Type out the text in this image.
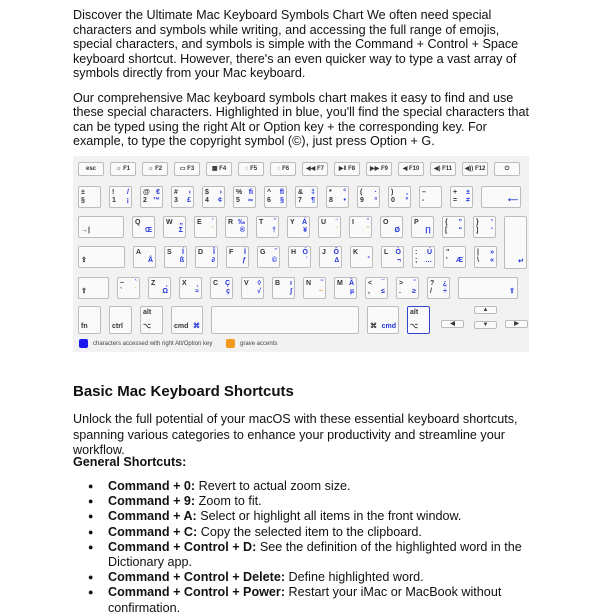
Discover the Ultimate Mac Keyboard Symbols Chart We often need special characters and symbols while writing, and accessing the full range of emojis, special characters, and symbols is simple with the Command + Control + Space keyboard shortcut. However, there's an even quicker way to type a vast array of symbols directly from your Mac keyboard.

Our comprehensive Mac keyboard symbols chart makes it easy to find and use these special characters. Highlighted in blue, you'll find the special characters that can be typed using the right Alt or Option key + the corresponding key. For example, to type the copyright symbol (©), just press Option + G.

esc	☼ F1	☼ F2	▭ F3	▦ F4	◌ F5	◌ F6	◀◀ F7	▶‖ F8	▶▶ F9	◀ F10	◀) F11	◀)) F12	⏻
±
§
!
1
/
¡
@
2
€
™
#
3
‹
£
$
4
›
¢
%
5
ﬁ
∞
^
6
ﬂ
§
&
7
‡
¶
*
8
°
•
(
9
·
ª
)
0
‚
º
–
-
+
=
±
≠	⟵
→|
Q
Œ
W „
Σ
E ´
´
R ‰
®
T ˇ
†
Y Á
¥
U ¨
¨
I ˆ
ˆ
O
Ø
P
∏
{
[
”
“
}
]
’
‘
↵
⇪
A
Å
S Í
ß
D Î
∂
F Ï
ƒ
G ˝
©
H Ó
˙
J Ô
∆
K
˚
L Ò
¬
:
;
Ú
…
"
' Æ
|
\
»
«
⇧
~
`
`
`
Z ¸
Ω
X ˛
≈
C Ç
ç
V ◊
√
B ı
∫
N ˜
~
M Â
µ
<
,
¯
≤
>
.
˘
≥
?
/
¿
÷	⇧
fn	ctrl
alt
⌥	cmd ⌘	⌘ cmd
alt
⌥
▲
◀	▼	▶
characters accessed with right Alt/Option key	grave accents
Basic Mac Keyboard Shortcuts

Unlock the full potential of your macOS with these essential keyboard shortcuts, spanning various categories to enhance your productivity and streamline your workflow.

General Shortcuts:
● Command + 0: Revert to actual zoom size.
● Command + 9: Zoom to fit.
● Command + A: Select or highlight all items in the front window.
● Command + C: Copy the selected item to the clipboard.
● Command + Control + D: See the definition of the highlighted word in the Dictionary app.
● Command + Control + Delete: Define highlighted word.
● Command + Control + Power: Restart your iMac or MacBook without confirmation.
